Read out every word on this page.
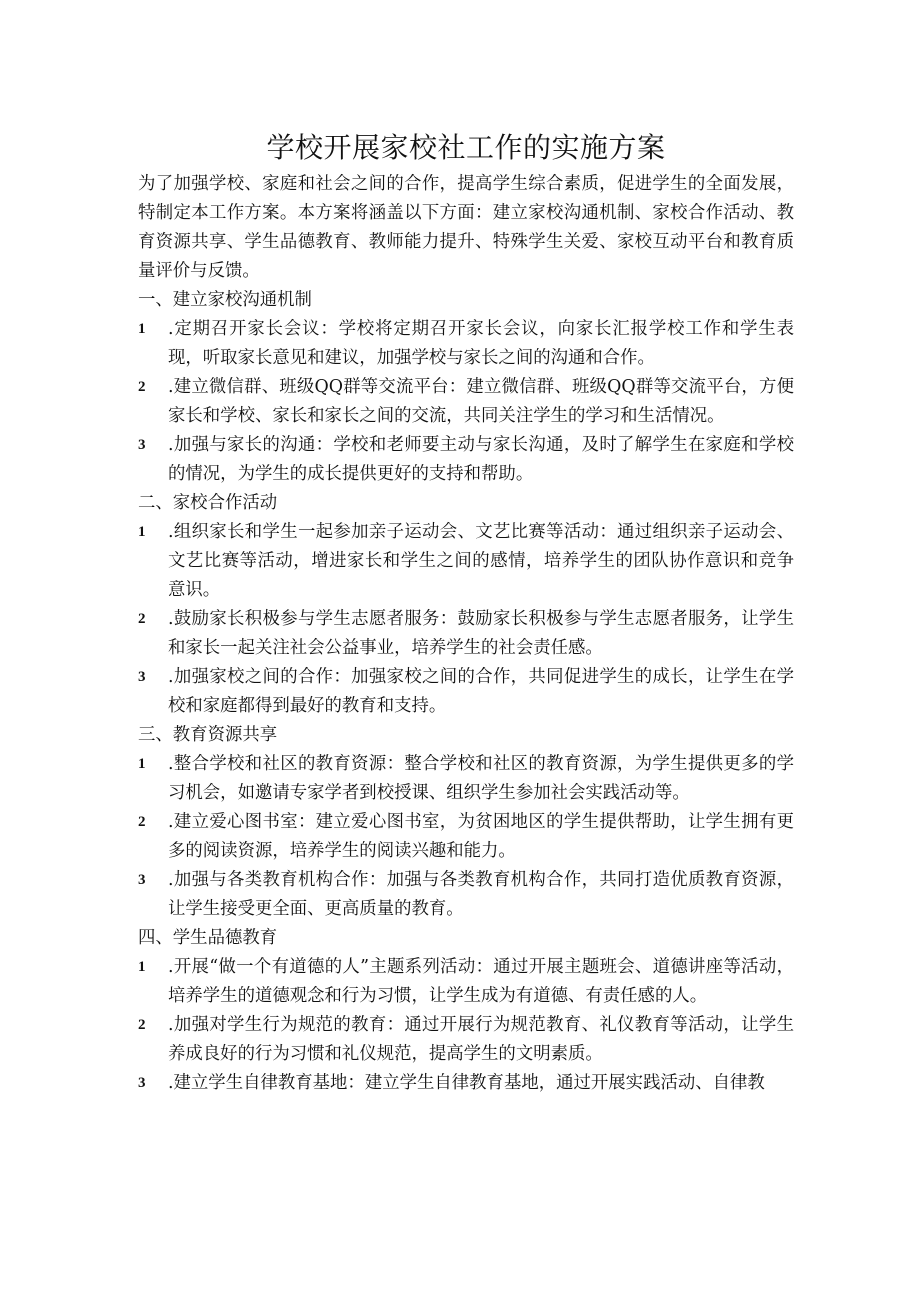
学校开展家校社工作的实施方案

为了加强学校、家庭和社会之间的合作，提高学生综合素质，促进学生的全面发展，特制定本工作方案。本方案将涵盖以下方面：建立家校沟通机制、家校合作活动、教育资源共享、学生品德教育、教师能力提升、特殊学生关爱、家校互动平台和教育质量评价与反馈。

一、建立家校沟通机制
1 .定期召开家长会议：学校将定期召开家长会议，向家长汇报学校工作和学生表现，听取家长意见和建议，加强学校与家长之间的沟通和合作。
2 .建立微信群、班级QQ群等交流平台：建立微信群、班级QQ群等交流平台，方便家长和学校、家长和家长之间的交流，共同关注学生的学习和生活情况。
3 .加强与家长的沟通：学校和老师要主动与家长沟通，及时了解学生在家庭和学校的情况，为学生的成长提供更好的支持和帮助。
二、家校合作活动
1 .组织家长和学生一起参加亲子运动会、文艺比赛等活动：通过组织亲子运动会、文艺比赛等活动，增进家长和学生之间的感情，培养学生的团队协作意识和竞争意识。
2 .鼓励家长积极参与学生志愿者服务：鼓励家长积极参与学生志愿者服务，让学生和家长一起关注社会公益事业，培养学生的社会责任感。
3 .加强家校之间的合作：加强家校之间的合作，共同促进学生的成长，让学生在学校和家庭都得到最好的教育和支持。
三、教育资源共享
1 .整合学校和社区的教育资源：整合学校和社区的教育资源，为学生提供更多的学习机会，如邀请专家学者到校授课、组织学生参加社会实践活动等。
2 .建立爱心图书室：建立爱心图书室，为贫困地区的学生提供帮助，让学生拥有更多的阅读资源，培养学生的阅读兴趣和能力。
3 .加强与各类教育机构合作：加强与各类教育机构合作，共同打造优质教育资源，让学生接受更全面、更高质量的教育。
四、学生品德教育
1 .开展“做一个有道德的人”主题系列活动：通过开展主题班会、道德讲座等活动，培养学生的道德观念和行为习惯，让学生成为有道德、有责任感的人。
2 .加强对学生行为规范的教育：通过开展行为规范教育、礼仪教育等活动，让学生养成良好的行为习惯和礼仪规范，提高学生的文明素质。
3 .建立学生自律教育基地：建立学生自律教育基地，通过开展实践活动、自律教
